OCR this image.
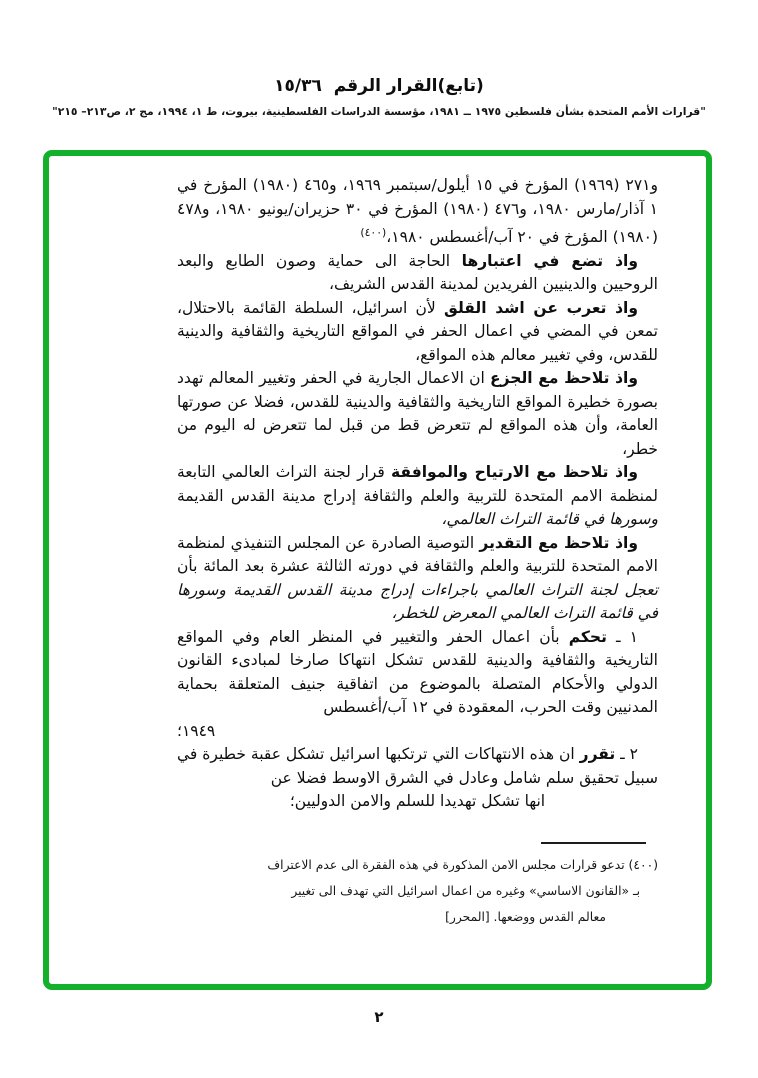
(تابع)القرار الرقم  ١٥/٣٦
"قرارات الأمم المتحدة بشأن فلسطين ١٩٧٥ ــ ١٩٨١، مؤسسة الدراسات الفلسطينية، بيروت، ط ١، ١٩٩٤، مج ٢، ص٢١٣– ٢١٥"
و٢٧١ (١٩٦٩) المؤرخ في ١٥ أيلول/سبتمبر ١٩٦٩، و٤٦٥ (١٩٨٠) المؤرخ في ١ آذار/مارس ١٩٨٠، و٤٧٦ (١٩٨٠) المؤرخ في ٣٠ حزيران/يونيو ١٩٨٠، و٤٧٨ (١٩٨٠) المؤرخ في ٢٠ آب/أغسطس ١٩٨٠،$^{(٤٠٠)}$
واذ تضع في اعتبارها الحاجة الى حماية وصون الطابع والبعد الروحيين والدينيين الفريدين لمدينة القدس الشريف،
واذ تعرب عن اشد القلق لأن اسرائيل، السلطة القائمة بالاحتلال، تمعن في المضي في اعمال الحفر في المواقع التاريخية والثقافية والدينية للقدس، وفي تغيير معالم هذه المواقع،
واذ تلاحظ مع الجزع ان الاعمال الجارية في الحفر وتغيير المعالم تهدد بصورة خطيرة المواقع التاريخية والثقافية والدينية للقدس، فضلا عن صورتها العامة، وأن هذه المواقع لم تتعرض قط من قبل لما تتعرض له اليوم من خطر،
واذ تلاحظ مع الارتياح والموافقة قرار لجنة التراث العالمي التابعة لمنظمة الامم المتحدة للتربية والعلم والثقافة إدراج مدينة القدس القديمة وسورها في قائمة التراث العالمي،
واذ تلاحظ مع التقدير التوصية الصادرة عن المجلس التنفيذي لمنظمة الامم المتحدة للتربية والعلم والثقافة في دورته الثالثة عشرة بعد المائة بأن تعجل لجنة التراث العالمي باجراءات إدراج مدينة القدس القديمة وسورها في قائمة التراث العالمي المعرض للخطر،
١ ـ تحكم بأن اعمال الحفر والتغيير في المنظر العام وفي المواقع التاريخية والثقافية والدينية للقدس تشكل انتهاكا صارخا لمبادىء القانون الدولي والأحكام المتصلة بالموضوع من اتفاقية جنيف المتعلقة بحماية المدنيين وقت الحرب، المعقودة في ١٢ آب/أغسطس
١٩٤٩؛
٢ ـ تقرر ان هذه الانتهاكات التي ترتكبها اسرائيل تشكل عقبة خطيرة في سبيل تحقيق سلم شامل وعادل في الشرق الاوسط فضلا عن
انها تشكل تهديدا للسلم والامن الدوليين؛
(٤٠٠) تدعو قرارات مجلس الامن المذكورة في هذه الفقرة الى عدم الاعتراف
بـ «القانون الاساسي» وغيره من اعمال اسرائيل التي تهدف الى تغيير
معالم القدس ووضعها. [المحرر]
٢
